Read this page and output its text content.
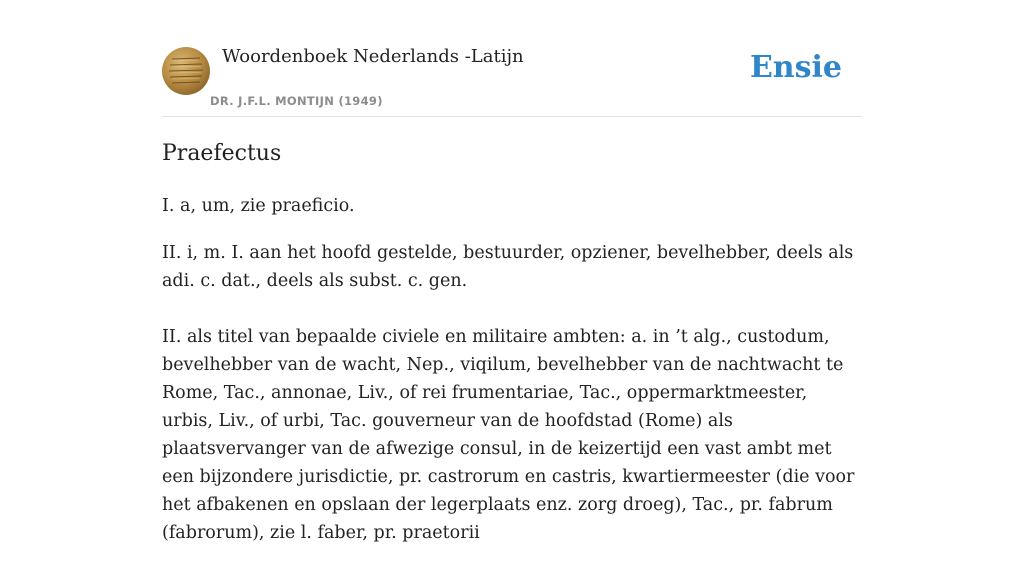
Woordenboek Nederlands -Latijn
DR. J.F.L. MONTIJN (1949)
Ensie
Praefectus

I. a, um, zie praeficio.

II. i, m. I. aan het hoofd gestelde, bestuurder, opziener, bevelhebber, deels als adi. c. dat., deels als subst. c. gen.

II. als titel van bepaalde civiele en militaire ambten: a. in ’t alg., custodum, bevelhebber van de wacht, Nep., viqilum, bevelhebber van de nachtwacht te Rome, Tac., annonae, Liv., of rei frumentariae, Tac., oppermarktmeester, urbis, Liv., of urbi, Tac. gouverneur van de hoofdstad (Rome) als plaatsvervanger van de afwezige consul, in de keizertijd een vast ambt met een bijzondere jurisdictie, pr. castrorum en castris, kwartiermeester (die voor het afbakenen en opslaan der legerplaats enz. zorg droeg), Tac., pr. fabrum (fabrorum), zie l. faber, pr. praetorii
